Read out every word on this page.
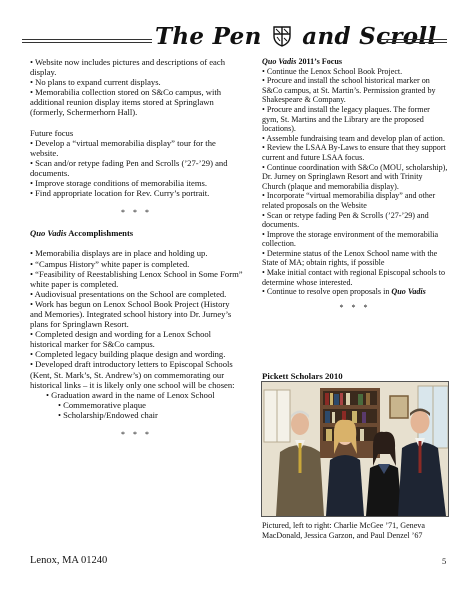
The Pen and Scroll

• Website now includes pictures and descriptions of each display.

• No plans to expand current displays.

• Memorabilia collection stored on S&Co campus, with additional reunion display items stored at Springlawn (formerly, Schermerhorn Hall).

Future focus

• Develop a “virtual memorabilia display” tour for the website.

• Scan and/or retype fading Pen and Scrolls (’27-’29) and documents.

• Improve storage conditions of memorabilia items.

• Find appropriate location for Rev. Curry’s portrait.

* * *

Quo Vadis Accomplishments

• Memorabilia displays are in place and holding up.

• “Campus History” white paper is completed.

• “Feasibility of Reestablishing Lenox School in Some Form” white paper is completed.

• Audiovisual presentations on the School are completed.

• Work has begun on Lenox School Book Project (History and Memories). Integrated school history into Dr. Jurney’s plans for Springlawn Resort.

• Completed design and wording for a Lenox School historical marker for S&Co campus.

• Completed legacy building plaque design and wording.

• Developed draft introductory letters to Episcopal Schools (Kent, St. Mark’s, St. Andrew’s) on commemorating our historical links – it is likely only one school will be chosen:

• Graduation award in the name of Lenox School

• Commemorative plaque

• Scholarship/Endowed chair

* * *

Quo Vadis 2011’s Focus

• Continue the Lenox School Book Project.

• Procure and install the school historical marker on S&Co campus, at St. Martin’s. Permission granted by Shakespeare & Company.

• Procure and install the legacy plaques. The former gym, St. Martins and the Library are the proposed locations).

• Assemble fundraising team and develop plan of action.

• Review the LSAA By-Laws to ensure that they support current and future LSAA focus.

• Continue coordination with S&Co (MOU, scholarship), Dr. Jurney on Springlawn Resort and with Trinity Church (plaque and memorabilia display).

• Incorporate “virtual memorabilia display” and other related proposals on the Website

• Scan or retype fading Pen & Scrolls (’27-’29) and documents.

• Improve the storage environment of the memorabilia collection.

• Determine status of the Lenox School name with the State of MA; obtain rights, if possible

• Make initial contact with regional Episcopal schools to determine whose interested.

• Continue to resolve open proposals in Quo Vadis

* * *

Pickett Scholars 2010
Pictured, left to right: Charlie McGee ’71, Geneva MacDonald, Jessica Garzon, and Paul Denzel ’67
Lenox, MA 01240	5
